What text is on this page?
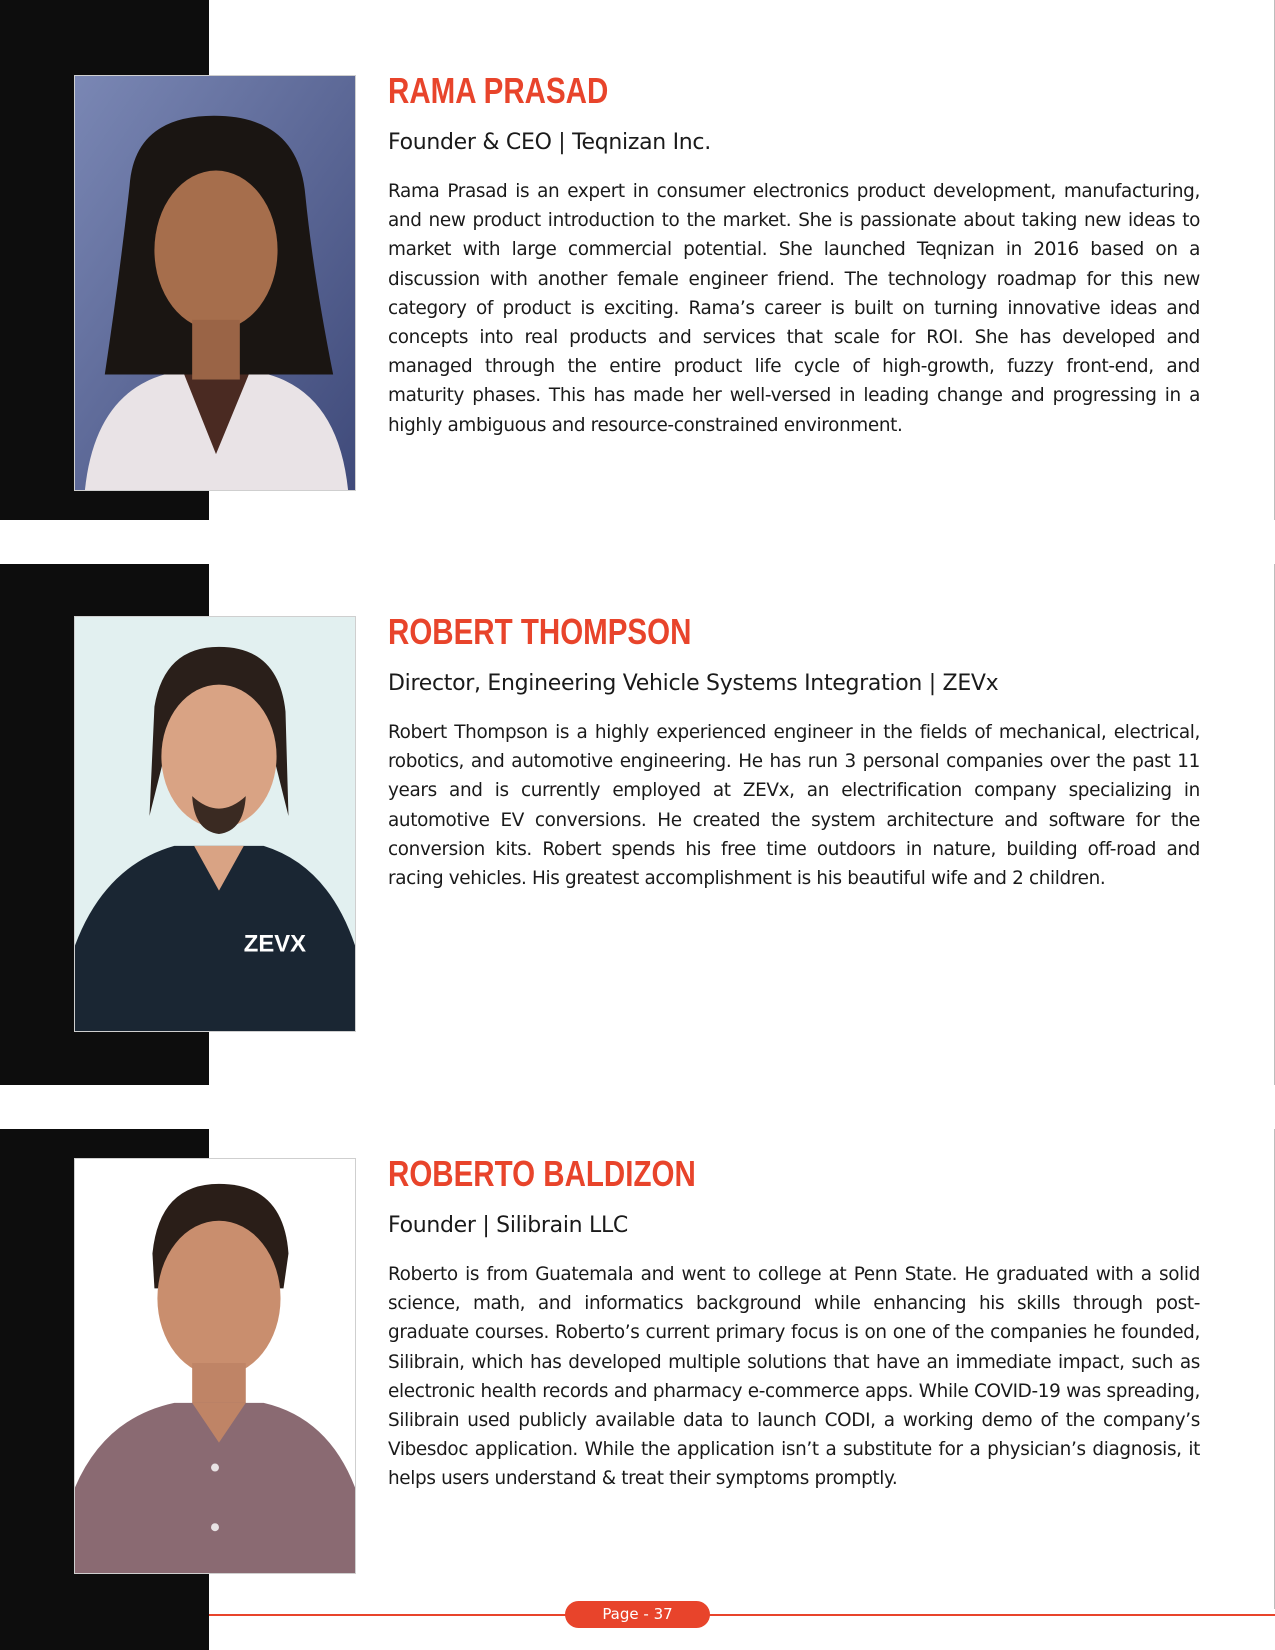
RAMA PRASAD
Founder & CEO | Teqnizan Inc.

Rama Prasad is an expert in consumer electronics product development, manufacturing, and new product introduction to the market. She is passionate about taking new ideas to market with large commercial potential. She launched Teqnizan in 2016 based on a discussion with another female engineer friend. The technology roadmap for this new category of product is exciting. Rama’s career is built on turning innovative ideas and concepts into real products and services that scale for ROI. She has developed and managed through the entire product life cycle of high-growth, fuzzy front-end, and maturity phases. This has made her well-versed in leading change and progressing in a highly ambiguous and resource-constrained environment.

ZEVX
ROBERT THOMPSON
Director, Engineering Vehicle Systems Integration | ZEVx

Robert Thompson is a highly experienced engineer in the fields of mechanical, electrical, robotics, and automotive engineering. He has run 3 personal companies over the past 11 years and is currently employed at ZEVx, an electrification company specializing in automotive EV conversions. He created the system architecture and software for the conversion kits. Robert spends his free time outdoors in nature, building off-road and racing vehicles. His greatest accomplishment is his beautiful wife and 2 children.

ROBERTO BALDIZON
Founder | Silibrain LLC

Roberto is from Guatemala and went to college at Penn State. He graduated with a solid science, math, and informatics background while enhancing his skills through post-graduate courses. Roberto’s current primary focus is on one of the companies he founded, Silibrain, which has developed multiple solutions that have an immediate impact, such as electronic health records and pharmacy e-commerce apps. While COVID-19 was spreading, Silibrain used publicly available data to launch CODI, a working demo of the company’s Vibesdoc application. While the application isn’t a substitute for a physician’s diagnosis, it helps users understand & treat their symptoms promptly.

Page - 37
